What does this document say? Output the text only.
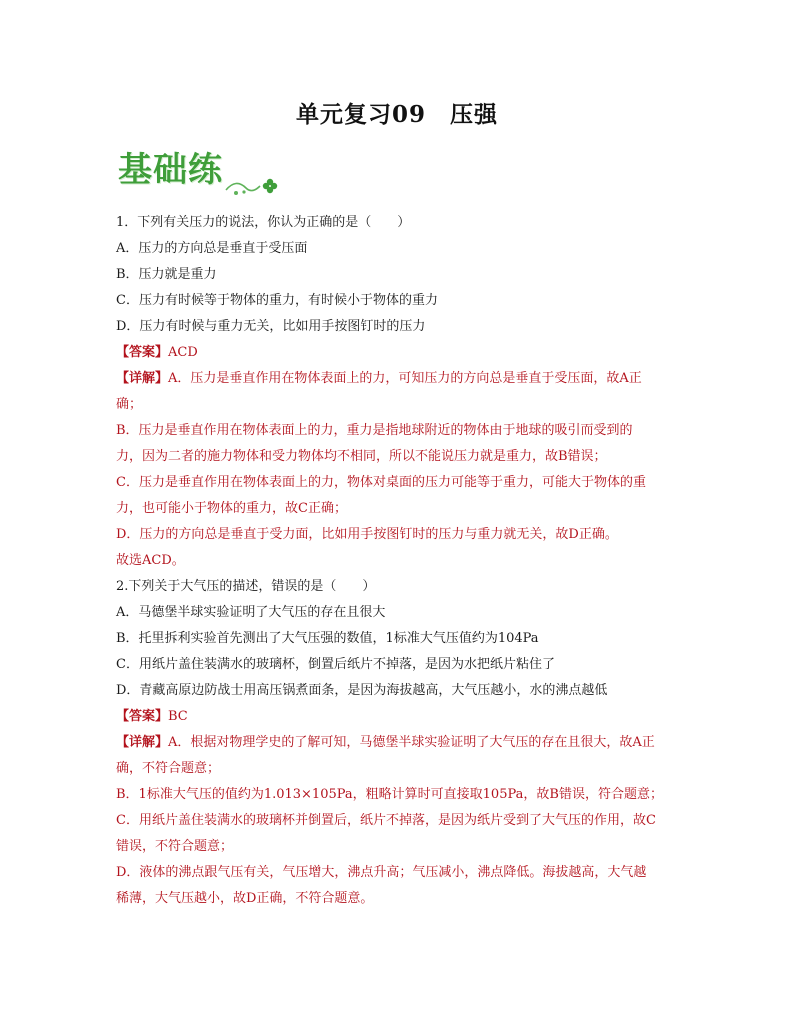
单元复习09　压强
基础练

1．下列有关压力的说法，你认为正确的是（　　）

A．压力的方向总是垂直于受压面

B．压力就是重力

C．压力有时候等于物体的重力，有时候小于物体的重力

D．压力有时候与重力无关，比如用手按图钉时的压力

【答案】ACD

【详解】A．压力是垂直作用在物体表面上的力，可知压力的方向总是垂直于受压面，故A正

确；

B．压力是垂直作用在物体表面上的力，重力是指地球附近的物体由于地球的吸引而受到的

力，因为二者的施力物体和受力物体均不相同，所以不能说压力就是重力，故B错误；

C．压力是垂直作用在物体表面上的力，物体对桌面的压力可能等于重力，可能大于物体的重

力，也可能小于物体的重力，故C正确；

D．压力的方向总是垂直于受力面，比如用手按图钉时的压力与重力就无关，故D正确。

故选ACD。

2.下列关于大气压的描述，错误的是（　　）

A．马德堡半球实验证明了大气压的存在且很大

B．托里拆利实验首先测出了大气压强的数值，1标准大气压值约为104Pa

C．用纸片盖住装满水的玻璃杯，倒置后纸片不掉落，是因为水把纸片粘住了

D．青藏高原边防战士用高压锅煮面条，是因为海拔越高，大气压越小，水的沸点越低

【答案】BC

【详解】A．根据对物理学史的了解可知，马德堡半球实验证明了大气压的存在且很大，故A正

确，不符合题意；

B．1标准大气压的值约为1.013×105Pa，粗略计算时可直接取105Pa，故B错误，符合题意；

C．用纸片盖住装满水的玻璃杯并倒置后，纸片不掉落，是因为纸片受到了大气压的作用，故C

错误，不符合题意；

D．液体的沸点跟气压有关，气压增大，沸点升高；气压减小，沸点降低。海拔越高，大气越

稀薄，大气压越小，故D正确，不符合题意。
